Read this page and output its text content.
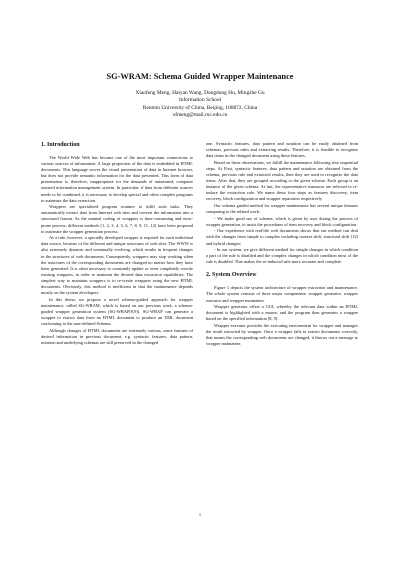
SG-WRAM: Schema Guided Wrapper Maintenance
Xiaofeng Meng, Haiyan Wang, Dongdong Hu, Mingzhe Gu
Information School
Renmin University of China, Beijing, 100872, China
xfmeng@mail.ruc.edu.cn
1. Introduction

The World Wide Web has become one of the most important connections to various sources of information. A large proportion of the data is embedded in HTML documents. This language serves the visual presentation of data in Internet browser, but does not provide semantic information for the data presented. This form of data presentation is, therefore, inappropriate for the demands of automated, computer assisted information management system. In particular, if data from different sources needs to be combined, it is necessary to develop special and often complex programs to automate the data extraction.

Wrappers are specialized program routines to fulfil such tasks. They automatically extract data from Internet web sites and convert the information into a structured format. As the manual coding of wrappers is time-consuming and error-prone process, different methods [1, 2, 3, 4, 5, 6, 7, 8, 9, 11, 12] have been proposed to automate the wrapper generation process.

As a rule, however, a specially developed wrapper is required for each individual data source, because of the different and unique structures of web sites. The WWW is also extremely dynamic and continually evolving, which results in frequent changes in the structures of web documents. Consequently, wrappers may stop working when the structures of the corresponding documents are changed no matter how they have been generated. It is often necessary to constantly update or even completely rewrite existing wrappers, in order to maintain the desired data extraction capabilities. The simplest way to maintain wrappers is to re-create wrappers using the new HTML documents. Obviously, this method is inefficient in that the maintenance depends mostly on the system developers.

In this demo, we propose a novel schema-guided approach for wrapper maintenance, called SG-WRAM, which is based on our previous work, a schema-guided wrapper generation system (SG-WRAP[8,9]). SG-WRAP can generate a wrapper to extract data from an HTML document to produce an XML document conforming to the user-defined Schema.

Although changes of HTML documents are extremely various, some features of desired information in previous document, e.g. syntactic features, data pattern, notation and underlying schemas are still preserved in the changed

one. Syntactic features, data pattern and notation can be easily obtained from schemas, previous rules and extracting results. Therefore, it is feasible to recognize data items in the changed document using these features.

Based on these observations, we fulfill the maintenance following four sequential steps. At First, syntactic features, data pattern and notation are obtained from the schema, previous rule and extracted results, then they are used to recognize the data items. After that, they are grouped according to the given schema. Each group is an instance of the given schema. At last, the representative instances are selected to re-induce the extraction rule. We name these four steps as features discovery, item recovery, block configuration and wrapper reparation respectively.

Our schema guided method for wrapper maintenance has several unique features comparing to the related work:

- We make good use of schema, which is given by user during the process of wrapper generation, to assist the procedures of item recovery and block configuration.

- Our experience with real-life web documents shows that our method can deal with the changes from simple to complex including context shift, structural shift [12] and hybrid changes;

- In our system, we give different method for simple changes in which condition a part of the rule is disabled and the complex changes in which condition most of the rule is disabled. That makes the re-inducted rule more accurate and complete.

2. System Overview

Figure 1 depicts the system architecture of wrapper extraction and maintenance. The whole system consists of three major components: wrapper generator, wrapper executor and wrapper maintainer.

Wrapper generator offers a GUI, whereby the relevant data within an HTML document is highlighted with a mouse, and the program then generates a wrapper based on the specified information [8, 9].

Wrapper executor provides the executing environment for wrapper and manages the result extracted by wrapper. Once a wrapper fails to extract documents correctly, that means the corresponding web documents are changed, it throws out a message to wrapper maintainer.

1
